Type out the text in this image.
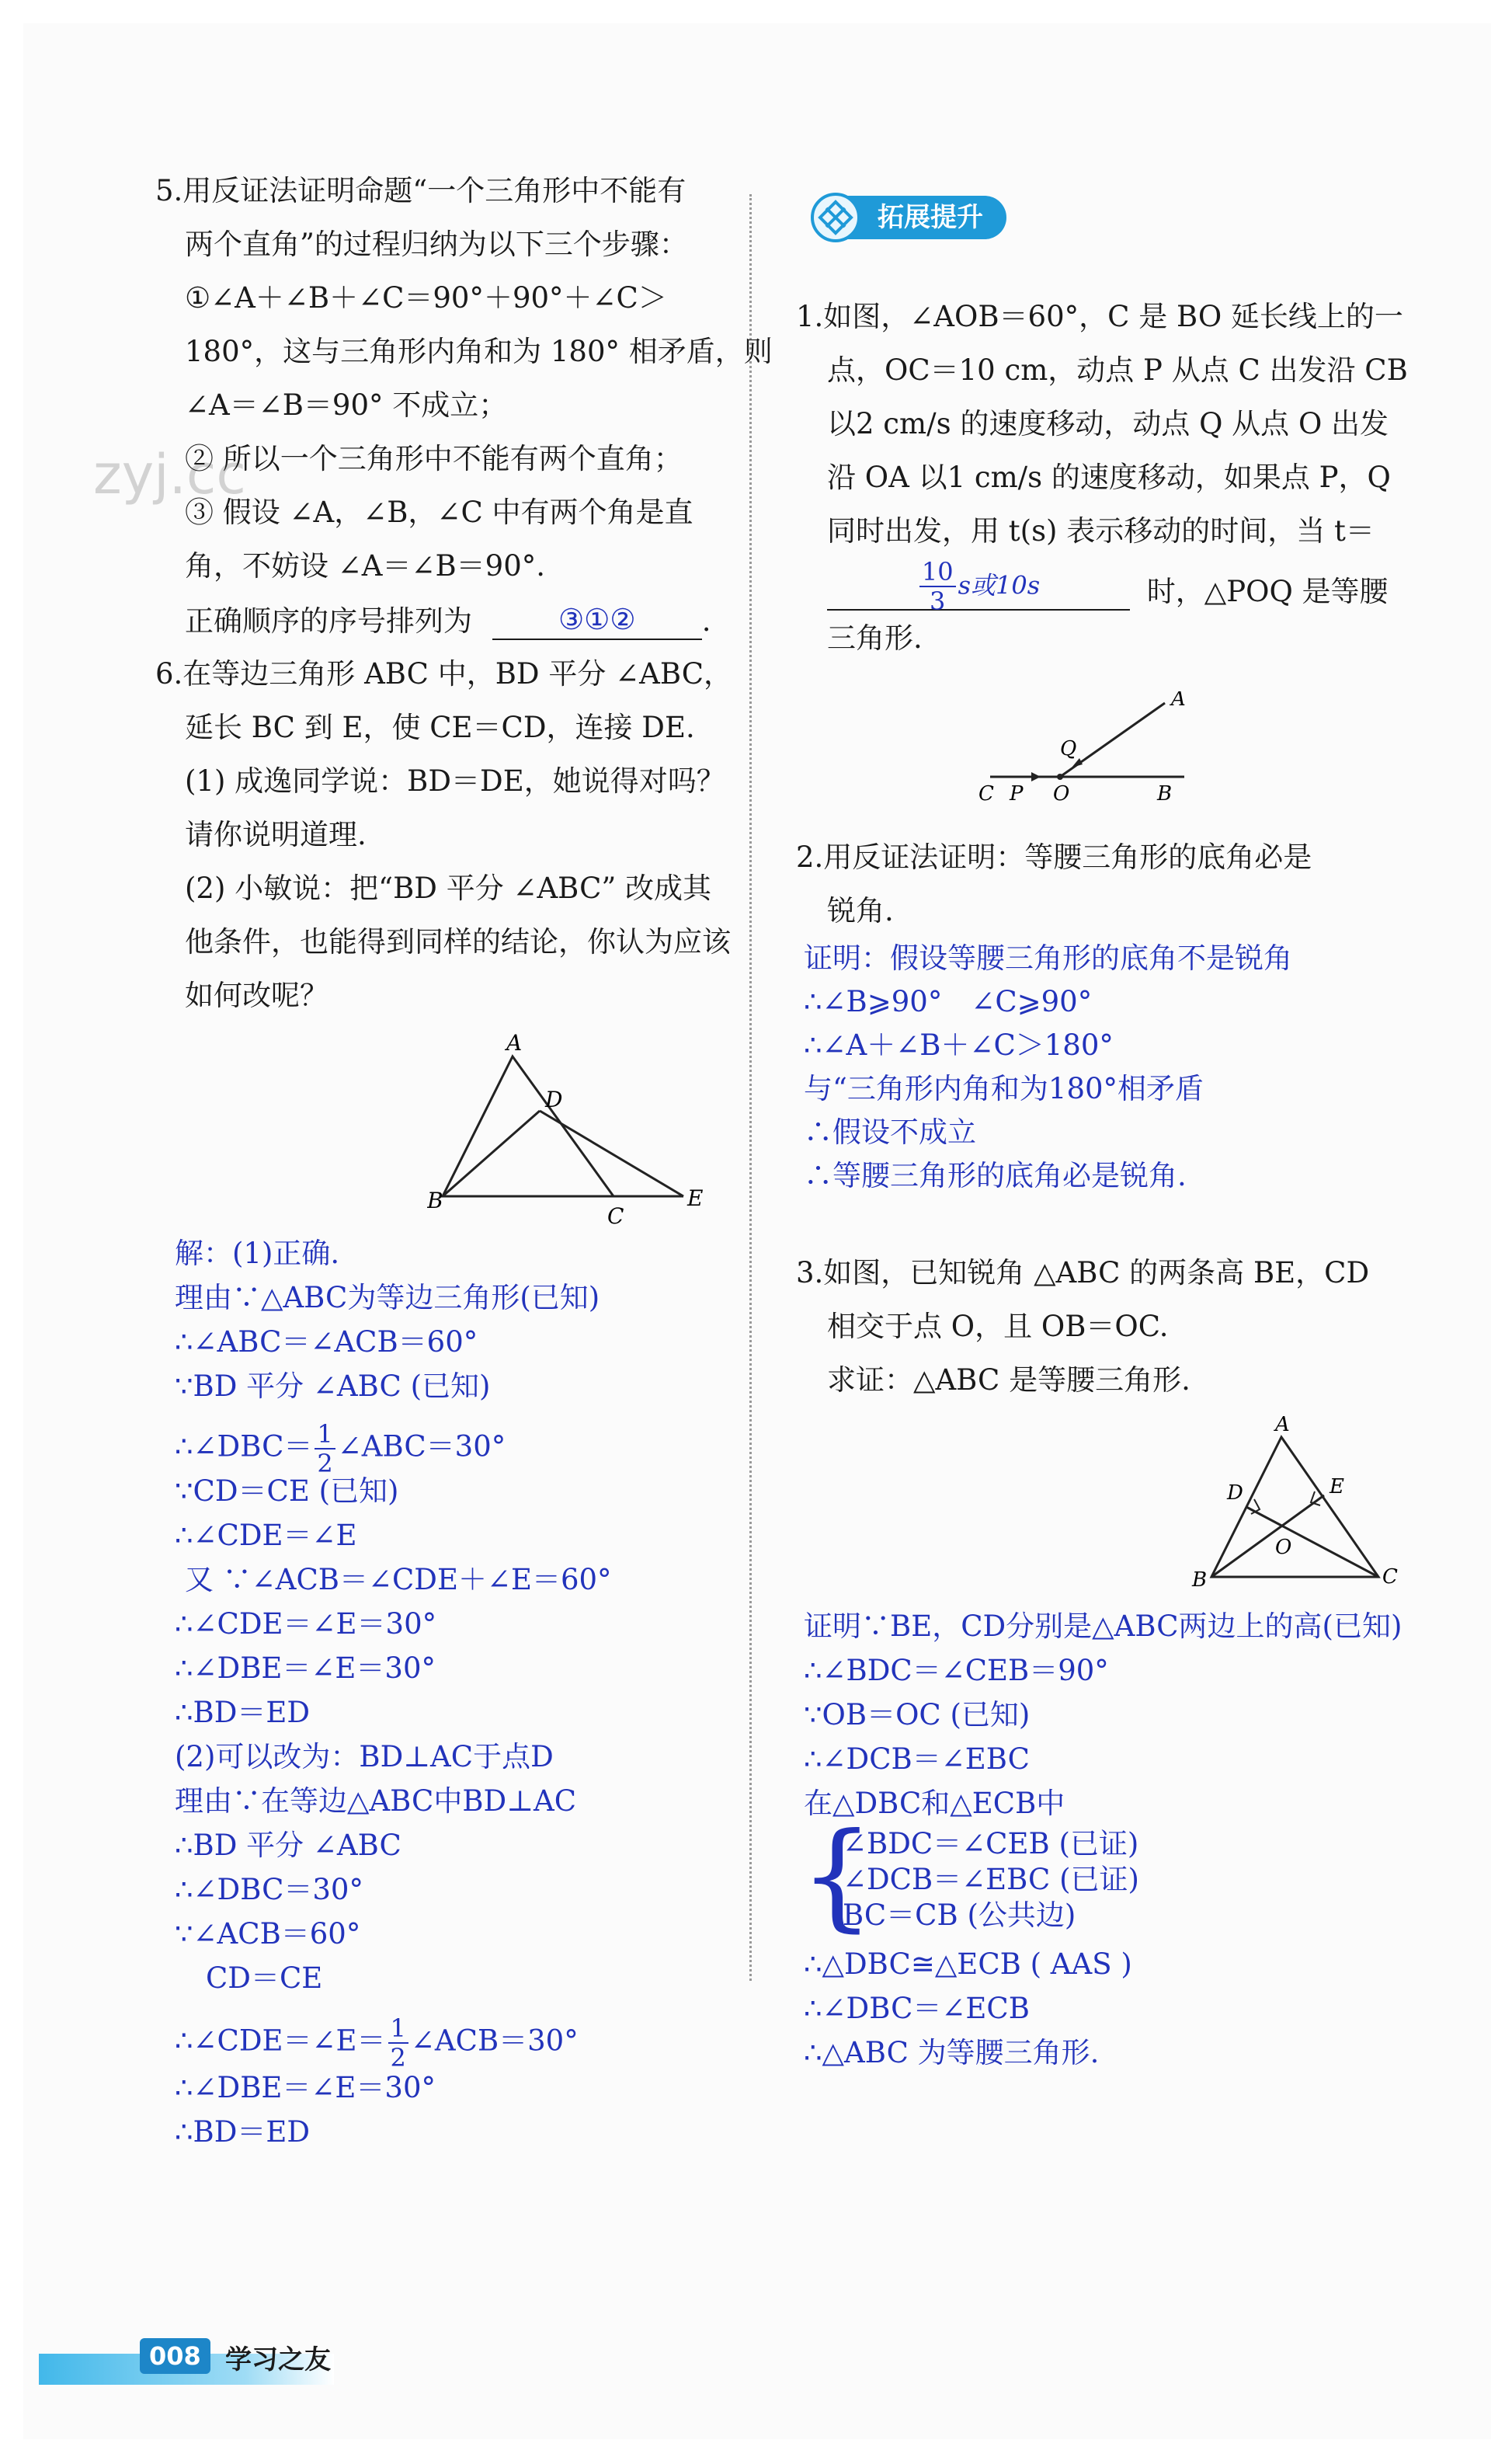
zyj.cc
5.用反证法证明命题“一个三角形中不能有
两个直角”的过程归纳为以下三个步骤：
①∠A＋∠B＋∠C＝90°＋90°＋∠C＞
180°，这与三角形内角和为 180° 相矛盾，则
∠A＝∠B＝90° 不成立；
② 所以一个三角形中不能有两个直角；
③ 假设 ∠A，∠B，∠C 中有两个角是直
角，不妨设 ∠A＝∠B＝90°.
正确顺序的序号排列为	③①② .
6.在等边三角形 ABC 中，BD 平分 ∠ABC，
延长 BC 到 E，使 CE＝CD，连接 DE.
(1) 成逸同学说：BD＝DE，她说得对吗？
请你说明道理.
(2) 小敏说：把“BD 平分 ∠ABC” 改成其
他条件，也能得到同样的结论，你认为应该
如何改呢？
A
B
C
D
E
解：(1)正确.
理由∵△ABC为等边三角形(已知)
∴∠ABC＝∠ACB＝60°
∵BD 平分 ∠ABC (已知)
∴∠DBC＝ $\frac{1}{2}$ ∠ABC＝30°
∵CD＝CE (已知)
∴∠CDE＝∠E
又 ∵∠ACB＝∠CDE＋∠E＝60°
∴∠CDE＝∠E＝30°
∴∠DBE＝∠E＝30°
∴BD＝ED
(2)可以改为：BD⊥AC于点D
理由∵在等边△ABC中BD⊥AC
∴BD 平分 ∠ABC
∴∠DBC＝30°
∵∠ACB＝60°
CD＝CE
∴∠CDE＝∠E＝ $\frac{1}{2}$ ∠ACB＝30°
∴∠DBE＝∠E＝30°
∴BD＝ED
拓展提升
1.如图，∠AOB＝60°，C 是 BO 延长线上的一
点，OC＝10 cm，动点 P 从点 C 出发沿 CB
以2 cm/s 的速度移动，动点 Q 从点 O 出发
沿 OA 以1 cm/s 的速度移动，如果点 P，Q
同时出发，用 t(s) 表示移动的时间，当 t＝
$\frac{10}{3}$ s或10s	时，△POQ 是等腰
三角形.
A
Q
C P O	B
2.用反证法证明：等腰三角形的底角必是
锐角.
证明：假设等腰三角形的底角不是锐角
∴∠B⩾90°　∠C⩾90°
∴∠A＋∠B＋∠C＞180°
与“三角形内角和为180°相矛盾
∴假设不成立
∴等腰三角形的底角必是锐角.
3.如图，已知锐角 △ABC 的两条高 BE，CD
相交于点 O，且 OB＝OC.
求证：△ABC 是等腰三角形.
A
B	C
D	E
O
证明∵BE，CD分别是△ABC两边上的高(已知)
∴∠BDC＝∠CEB＝90°
∵OB＝OC (已知)
∴∠DCB＝∠EBC
在△DBC和△ECB中
{
∠BDC＝∠CEB (已证)
∠DCB＝∠EBC (已证)
BC＝CB (公共边)
∴△DBC≅△ECB ( AAS )
∴∠DBC＝∠ECB
∴△ABC 为等腰三角形.
008 学习之友
